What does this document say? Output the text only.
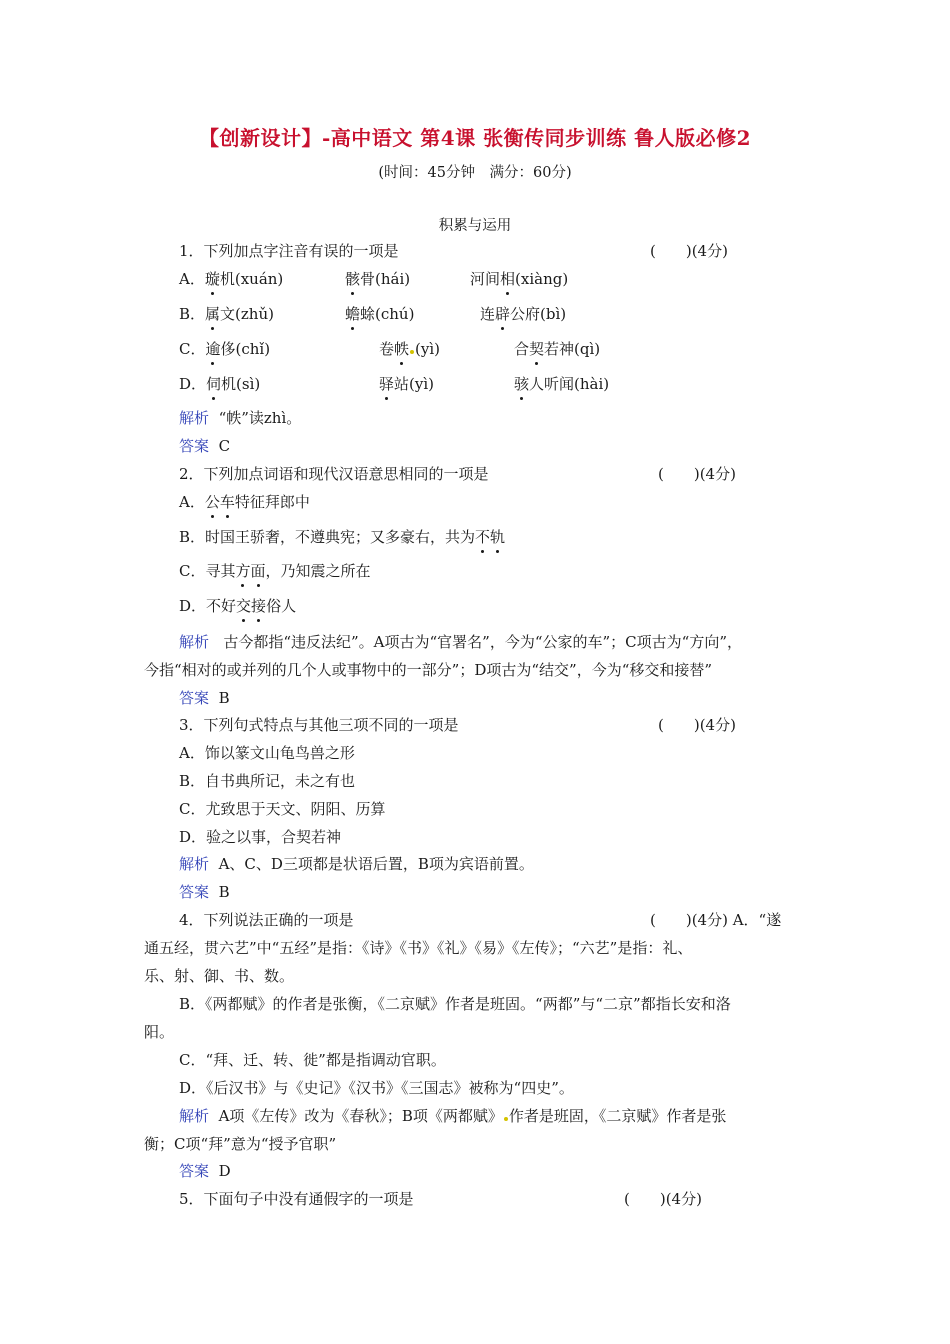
【创新设计】-高中语文 第4课 张衡传同步训练 鲁人版必修2
(时间：45分钟　满分：60分)
积累与运用
1．下列加点字注音有误的一项是	(　　)(4分)
A．璇机(xuán)	骸骨(hái)	河间相(xiàng)
B．属文(zhǔ)	蟾蜍(chú)	连辟公府(bì)
C．逾侈(chǐ)	卷帙 (yì)	合契若神(qì)
D．伺机(sì)	驿站(yì)	骇人听闻(hài)
解析 “帙”读zhì。
答案 C
2．下列加点词语和现代汉语意思相同的一项是	(　　)(4分)
A．公车特征拜郎中
B．时国王骄奢，不遵典宪；又多豪右，共为不轨
C．寻其方面，乃知震之所在
D．不好交接俗人
解析 古今都指“违反法纪”。A项古为“官署名”，今为“公家的车”；C项古为“方向”，
今指“相对的或并列的几个人或事物中的一部分”；D项古为“结交”，今为“移交和接替”
答案 B
3．下列句式特点与其他三项不同的一项是	(　　)(4分)
A．饰以篆文山龟鸟兽之形
B．自书典所记，未之有也
C．尤致思于天文、阴阳、历算
D．验之以事，合契若神
解析 A、C、D三项都是状语后置，B项为宾语前置。
答案 B
4．下列说法正确的一项是	(　　)(4分) A．“遂
通五经，贯六艺”中“五经”是指：《诗》《书》《礼》《易》《左传》；“六艺”是指：礼、
乐、射、御、书、数。
B．《两都赋》的作者是张衡，《二京赋》作者是班固。“两都”与“二京”都指长安和洛
阳。
C．“拜、迁、转、徙”都是指调动官职。
D．《后汉书》与《史记》《汉书》《三国志》被称为“四史”。
解析 A项《左传》改为《春秋》；B项《两都赋》 作者是班固，《二京赋》作者是张
衡；C项“拜”意为“授予官职”
答案 D
5．下面句子中没有通假字的一项是	(　　)(4分)
